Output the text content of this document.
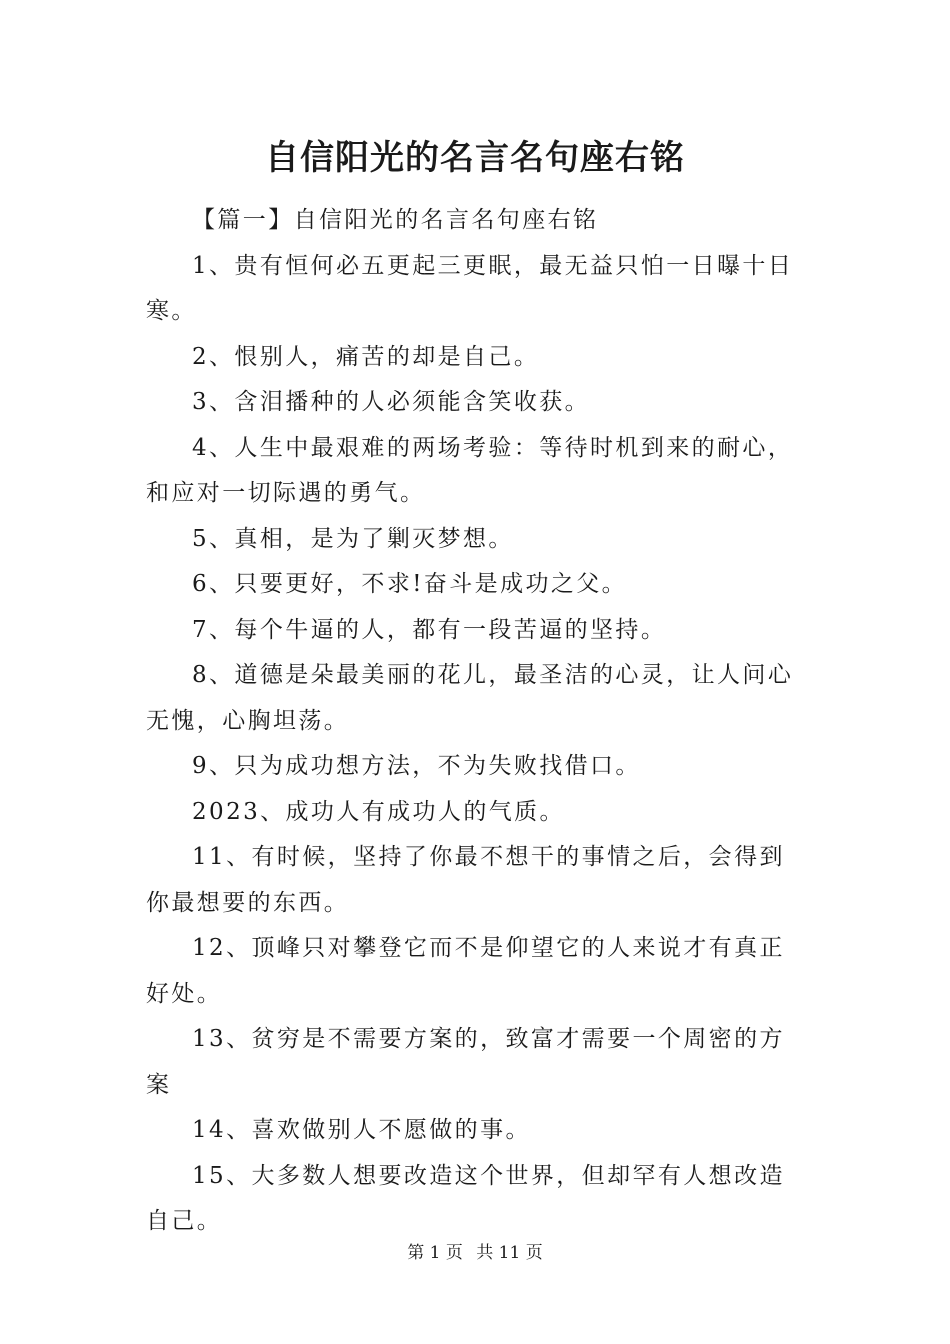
自信阳光的名言名句座右铭

【篇一】自信阳光的名言名句座右铭

1、贵有恒何必五更起三更眠，最无益只怕一日曝十日寒。

2、恨别人，痛苦的却是自己。

3、含泪播种的人必须能含笑收获。

4、人生中最艰难的两场考验：等待时机到来的耐心，和应对一切际遇的勇气。

5、真相，是为了剿灭梦想。

6、只要更好，不求!奋斗是成功之父。

7、每个牛逼的人，都有一段苦逼的坚持。

8、道德是朵最美丽的花儿，最圣洁的心灵，让人问心无愧，心胸坦荡。

9、只为成功想方法，不为失败找借口。

2023、成功人有成功人的气质。

11、有时候，坚持了你最不想干的事情之后，会得到你最想要的东西。

12、顶峰只对攀登它而不是仰望它的人来说才有真正好处。

13、贫穷是不需要方案的，致富才需要一个周密的方案

14、喜欢做别人不愿做的事。

15、大多数人想要改造这个世界，但却罕有人想改造自己。

第 1 页 共 11 页
